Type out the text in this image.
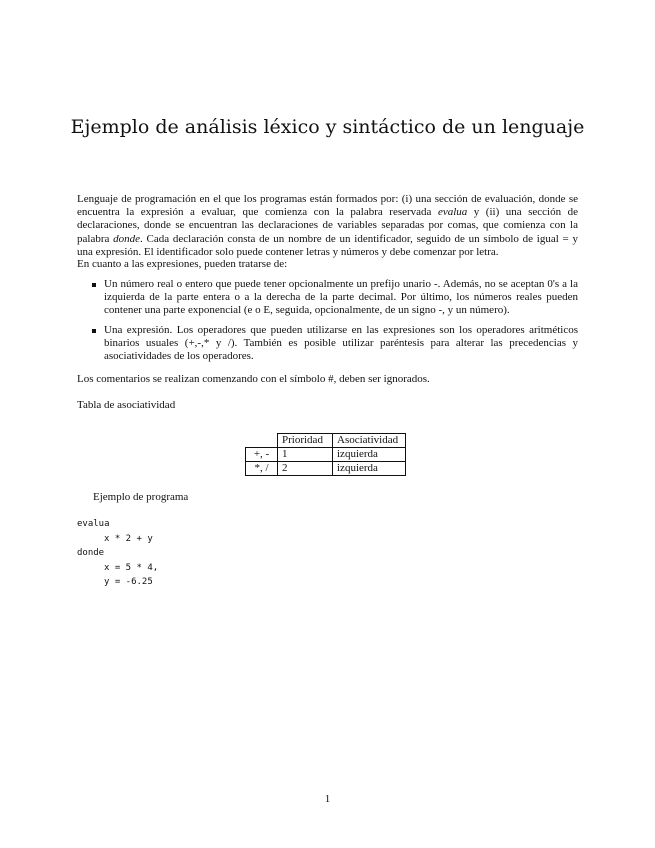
Ejemplo de análisis léxico y sintáctico de un lenguaje

Lenguaje de programación en el que los programas están formados por: (i) una sección de evaluación, donde se encuentra la expresión a evaluar, que comienza con la palabra reservada evalua y (ii) una sección de declaraciones, donde se encuentran las declaraciones de variables separadas por comas, que comienza con la palabra donde. Cada declaración consta de un nombre de un identificador, seguido de un símbolo de igual = y una expresión. El identificador solo puede contener letras y números y debe comenzar por letra.

En cuanto a las expresiones, pueden tratarse de:

Un número real o entero que puede tener opcionalmente un prefijo unario -. Además, no se aceptan 0's a la izquierda de la parte entera o a la derecha de la parte decimal. Por último, los números reales pueden contener una parte exponencial (e o E, seguida, opcionalmente, de un signo -, y un número).
Una expresión. Los operadores que pueden utilizarse en las expresiones son los operadores aritméticos binarios usuales (+,-,* y /). También es posible utilizar paréntesis para alterar las precedencias y asociatividades de los operadores.

Los comentarios se realizan comenzando con el símbolo #, deben ser ignorados.

Tabla de asociatividad

	Prioridad	Asociatividad
+, -	1	izquierda
*, /	2	izquierda

Ejemplo de programa

evalua
x * 2 + y
donde
x = 5 * 4,
y = -6.25
1
